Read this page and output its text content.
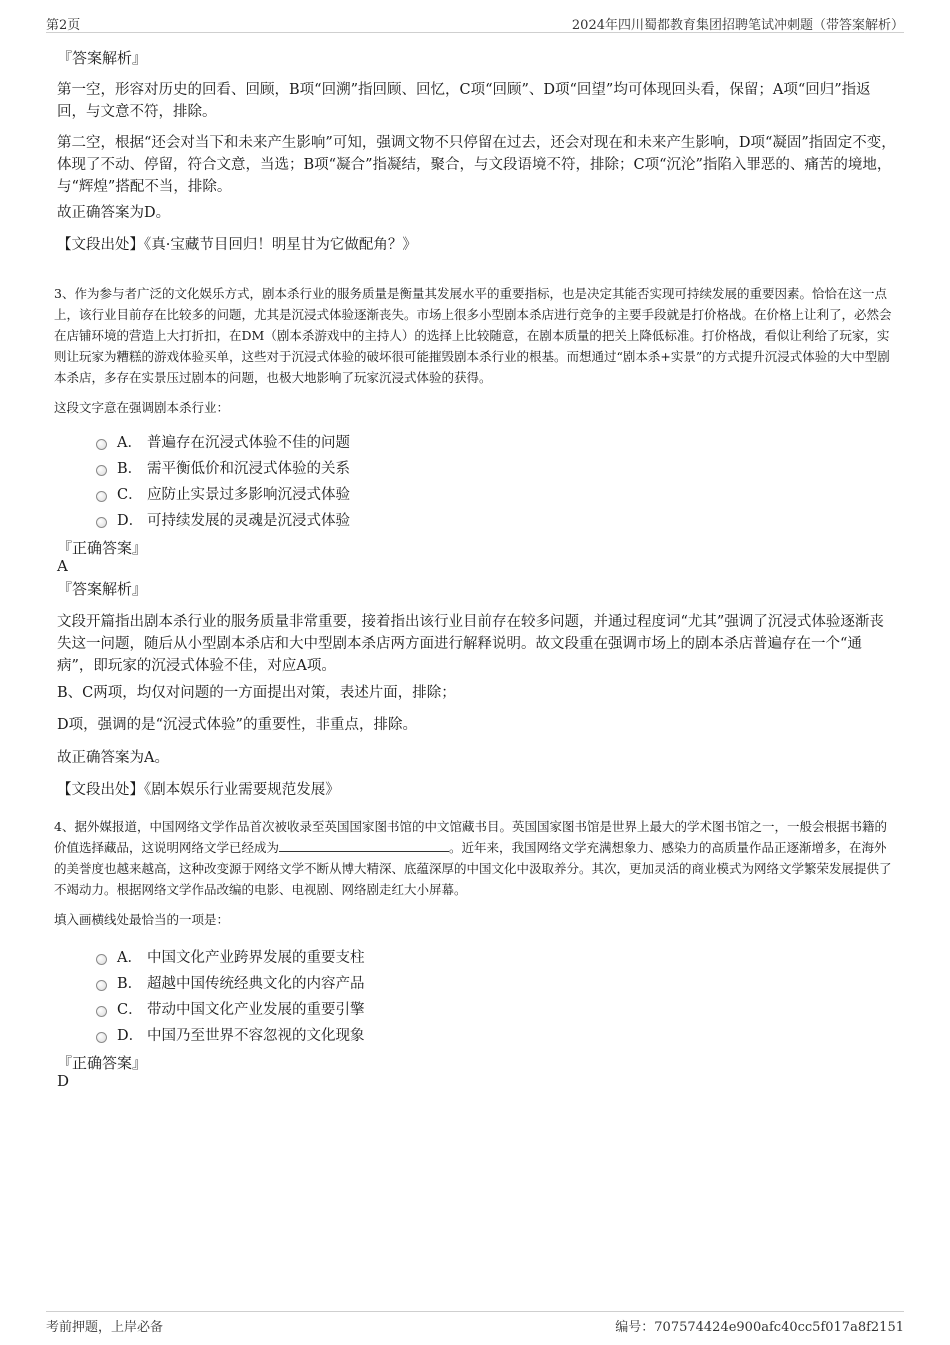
第2页	2024年四川蜀都教育集团招聘笔试冲刺题（带答案解析）
『答案解析』

第一空，形容对历史的回看、回顾，B项“回溯”指回顾、回忆，C项“回顾”、D项“回望”均可体现回头看，保留；A项“回归”指返回，与文意不符，排除。

第二空，根据“还会对当下和未来产生影响”可知，强调文物不只停留在过去，还会对现在和未来产生影响，D项“凝固”指固定不变，体现了不动、停留，符合文意，当选；B项“凝合”指凝结，聚合，与文段语境不符，排除；C项“沉沦”指陷入罪恶的、痛苦的境地，与“辉煌”搭配不当，排除。

故正确答案为D。

【文段出处】《真·宝藏节目回归！明星甘为它做配角？》

3、作为参与者广泛的文化娱乐方式，剧本杀行业的服务质量是衡量其发展水平的重要指标，也是决定其能否实现可持续发展的重要因素。恰恰在这一点上，该行业目前存在比较多的问题，尤其是沉浸式体验逐渐丧失。市场上很多小型剧本杀店进行竞争的主要手段就是打价格战。在价格上让利了，必然会在店铺环境的营造上大打折扣，在DM（剧本杀游戏中的主持人）的选择上比较随意，在剧本质量的把关上降低标准。打价格战，看似让利给了玩家，实则让玩家为糟糕的游戏体验买单，这些对于沉浸式体验的破坏很可能摧毁剧本杀行业的根基。而想通过“剧本杀+实景”的方式提升沉浸式体验的大中型剧本杀店，多存在实景压过剧本的问题，也极大地影响了玩家沉浸式体验的获得。

这段文字意在强调剧本杀行业：

A． 普遍存在沉浸式体验不佳的问题
B． 需平衡低价和沉浸式体验的关系
C． 应防止实景过多影响沉浸式体验
D． 可持续发展的灵魂是沉浸式体验
『正确答案』
A
『答案解析』

文段开篇指出剧本杀行业的服务质量非常重要，接着指出该行业目前存在较多问题，并通过程度词“尤其”强调了沉浸式体验逐渐丧失这一问题，随后从小型剧本杀店和大中型剧本杀店两方面进行解释说明。故文段重在强调市场上的剧本杀店普遍存在一个“通病”，即玩家的沉浸式体验不佳，对应A项。

B、C两项，均仅对问题的一方面提出对策，表述片面，排除；

D项，强调的是“沉浸式体验”的重要性，非重点，排除。

故正确答案为A。

【文段出处】《剧本娱乐行业需要规范发展》

4、据外媒报道，中国网络文学作品首次被收录至英国国家图书馆的中文馆藏书目。英国国家图书馆是世界上最大的学术图书馆之一，一般会根据书籍的价值选择藏品，这说明网络文学已经成为	。近年来，我国网络文学充满想象力、感染力的高质量作品正逐渐增多，在海外的美誉度也越来越高，这种改变源于网络文学不断从博大精深、底蕴深厚的中国文化中汲取养分。其次，更加灵活的商业模式为网络文学繁荣发展提供了不竭动力。根据网络文学作品改编的电影、电视剧、网络剧走红大小屏幕。

填入画横线处最恰当的一项是：

A． 中国文化产业跨界发展的重要支柱
B． 超越中国传统经典文化的内容产品
C． 带动中国文化产业发展的重要引擎
D． 中国乃至世界不容忽视的文化现象
『正确答案』
D
考前押题，上岸必备	编号：707574424e900afc40cc5f017a8f2151
